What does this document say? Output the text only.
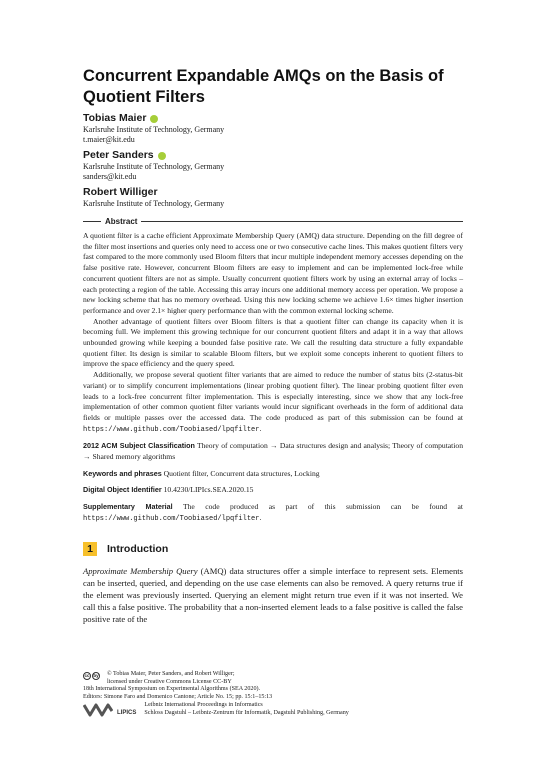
Concurrent Expandable AMQs on the Basis of Quotient Filters
Tobias Maier
Karlsruhe Institute of Technology, Germany
t.maier@kit.edu
Peter Sanders
Karlsruhe Institute of Technology, Germany
sanders@kit.edu
Robert Williger
Karlsruhe Institute of Technology, Germany
Abstract

A quotient filter is a cache efficient Approximate Membership Query (AMQ) data structure. Depending on the fill degree of the filter most insertions and queries only need to access one or two consecutive cache lines. This makes quotient filters very fast compared to the more commonly used Bloom filters that incur multiple independent memory accesses depending on the false positive rate. However, concurrent Bloom filters are easy to implement and can be implemented lock-free while concurrent quotient filters are not as simple. Usually concurrent quotient filters work by using an external array of locks – each protecting a region of the table. Accessing this array incurs one additional memory access per operation. We propose a new locking scheme that has no memory overhead. Using this new locking scheme we achieve 1.6× times higher insertion performance and over 2.1× higher query performance than with the common external locking scheme.

Another advantage of quotient filters over Bloom filters is that a quotient filter can change its capacity when it is becoming full. We implement this growing technique for our concurrent quotient filters and adapt it in a way that allows unbounded growing while keeping a bounded false positive rate. We call the resulting data structure a fully expandable quotient filter. Its design is similar to scalable Bloom filters, but we exploit some concepts inherent to quotient filters to improve the space efficiency and the query speed.

Additionally, we propose several quotient filter variants that are aimed to reduce the number of status bits (2-status-bit variant) or to simplify concurrent implementations (linear probing quotient filter). The linear probing quotient filter even leads to a lock-free concurrent filter implementation. This is especially interesting, since we show that any lock-free implementation of other common quotient filter variants would incur significant overheads in the form of additional data fields or multiple passes over the accessed data. The code produced as part of this submission can be found at https://www.github.com/Toobiased/lpqfilter.

2012 ACM Subject Classification Theory of computation → Data structures design and analysis; Theory of computation → Shared memory algorithms
Keywords and phrases Quotient filter, Concurrent data structures, Locking
Digital Object Identifier 10.4230/LIPIcs.SEA.2020.15
Supplementary Material The code produced as part of this submission can be found at https://www.github.com/Toobiased/lpqfilter.
1	Introduction

Approximate Membership Query (AMQ) data structures offer a simple interface to represent sets. Elements can be inserted, queried, and depending on the use case elements can also be removed. A query returns true if the element was previously inserted. Querying an element might return true even if it was not inserted. We call this a false positive. The probability that a non-inserted element leads to a false positive is called the false positive rate of the

cc by © Tobias Maier, Peter Sanders, and Robert Williger;
licensed under Creative Commons License CC-BY
18th International Symposium on Experimental Algorithms (SEA 2020).
Editors: Simone Faro and Domenico Cantone; Article No. 15; pp. 15:1–15:13
LIPICS
Leibniz International Proceedings in Informatics
Schloss Dagstuhl – Leibniz-Zentrum für Informatik, Dagstuhl Publishing, Germany
